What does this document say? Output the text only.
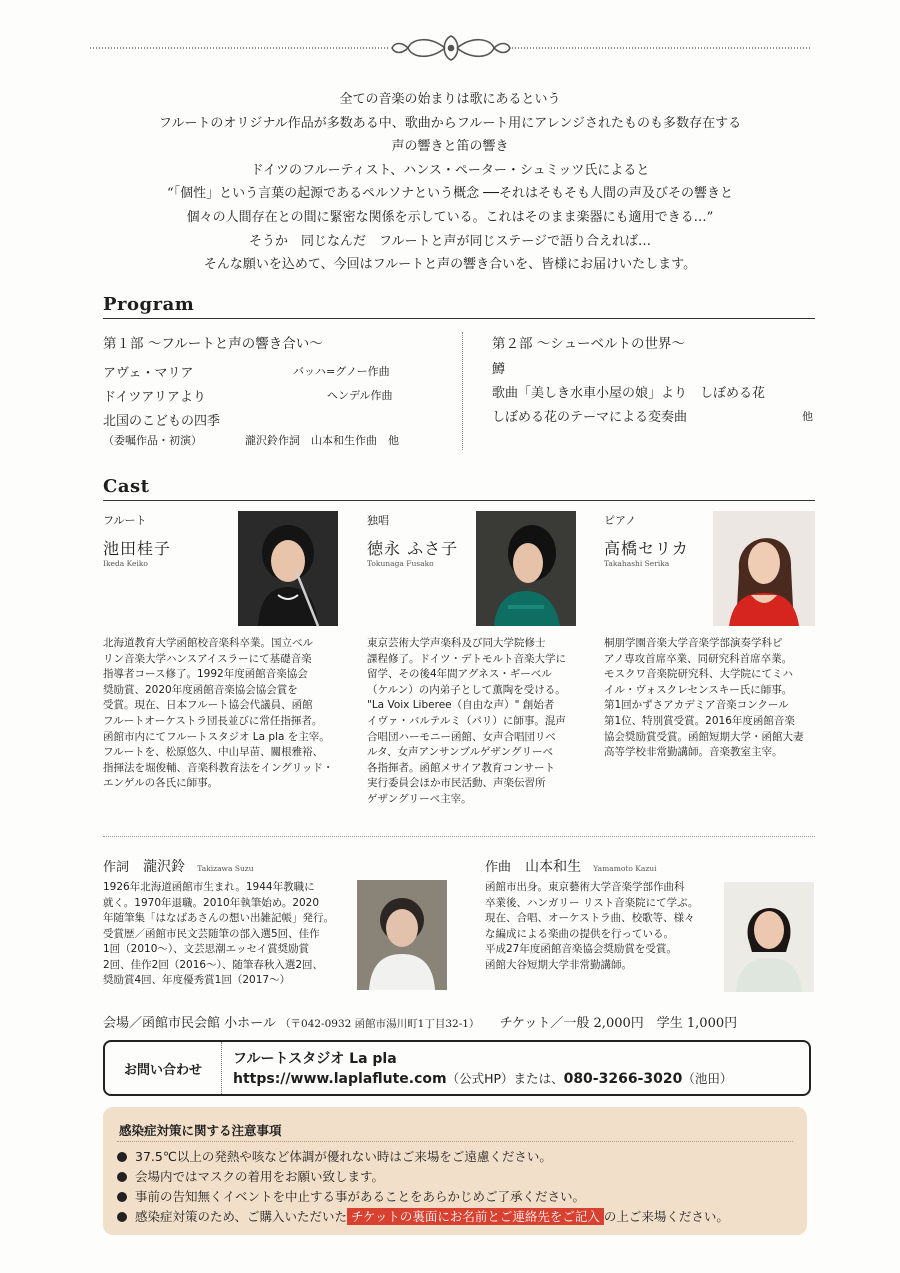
全ての音楽の始まりは歌にあるという
フルートのオリジナル作品が多数ある中、歌曲からフルート用にアレンジされたものも多数存在する
声の響きと笛の響き
ドイツのフルーティスト、ハンス・ペーター・シュミッツ氏によると
“「個性」という言葉の起源であるペルソナという概念 ──それはそもそも人間の声及びその響きと
個々の人間存在との間に緊密な関係を示している。これはそのまま楽器にも適用できる…”
そうか　同じなんだ　フルートと声が同じステージで語り合えれば…
そんな願いを込めて、今回はフルートと声の響き合いを、皆様にお届けいたします。
Program
第１部 ～フルートと声の響き合い～
アヴェ・マリア	バッハ=グノー作曲
ドイツアリアより	ヘンデル作曲
北国のこどもの四季
（委嘱作品・初演）	瀧沢鈴作詞　山本和生作曲　他
第２部 ～シューベルトの世界～
鱒
歌曲「美しき水車小屋の娘」より　しぼめる花
しぼめる花のテーマによる変奏曲	他
Cast
フルート
池田桂子
Ikeda Keiko
北海道教育大学函館校音楽科卒業。国立ベル
リン音楽大学ハンスアイスラーにて基礎音楽
指導者コース修了。1992年度函館音楽協会
奨励賞、2020年度函館音楽協会協会賞を
受賞。現在、日本フルート協会代議員、函館
フルートオーケストラ団長並びに常任指揮者。
函館市内にてフルートスタジオ La pla を主宰。
フルートを、松原悠久、中山早苗、關根雅裕、
指揮法を堀俊輔、音楽科教育法をイングリッド・
エンゲルの各氏に師事。
独唱
徳永 ふさ子
Tokunaga Fusako
東京芸術大学声楽科及び同大学院修士
課程修了。ドイツ・デトモルト音楽大学に
留学、その後4年間アグネス・ギーベル
（ケルン）の内弟子として薫陶を受ける。
"La Voix Liberee（自由な声）" 創始者
イヴァ・バルテルミ（パリ）に師事。混声
合唱団ハーモニー函館、女声合唱団リベ
ルタ、女声アンサンブルゲザングリーベ
各指揮者。函館メサイア教育コンサート
実行委員会ほか市民活動、声楽伝習所
ゲザングリーベ主宰。
ピアノ
高橋セリカ
Takahashi Serika
桐朋学園音楽大学音楽学部演奏学科ピ
アノ専攻首席卒業、同研究科首席卒業。
モスクワ音楽院研究科、大学院にてミハ
イル・ヴォスクレセンスキー氏に師事。
第1回かずさアカデミア音楽コンクール
第1位、特別賞受賞。2016年度函館音楽
協会奨励賞受賞。函館短期大学・函館大妻
高等学校非常勤講師。音楽教室主宰。
作詞 瀧沢鈴 Takizawa Suzu
1926年北海道函館市生まれ。1944年教職に
就く。1970年退職。2010年執筆始め。2020
年随筆集「はなばあさんの想い出雑記帳」発行。
受賞歴／函館市民文芸随筆の部入選5回、佳作
1回（2010～）、文芸思潮エッセイ賞奨励賞
2回、佳作2回（2016～）、随筆春秋入選2回、
奨励賞4回、年度優秀賞1回（2017～）
作曲 山本和生 Yamamoto Kazui
函館市出身。東京藝術大学音楽学部作曲科
卒業後、ハンガリー リスト音楽院にて学ぶ。
現在、合唱、オーケストラ曲、校歌等、様々
な編成による楽曲の提供を行っている。
平成27年度函館音楽協会奨励賞を受賞。
函館大谷短期大学非常勤講師。
会場／函館市民会館 小ホール （〒042-0932 函館市湯川町1丁目32-1） チケット／一般 2,000円　学生 1,000円
お問い合わせ
フルートスタジオ La pla
https://www.laplaflute.com（公式HP）または、080-3266-3020（池田）
感染症対策に関する注意事項
37.5℃以上の発熱や咳など体調が優れない時はご来場をご遠慮ください。
会場内ではマスクの着用をお願い致します。
事前の告知無くイベントを中止する事があることをあらかじめご了承ください。
感染症対策のため、ご購入いただいた チケットの裏面にお名前とご連絡先をご記入 の上ご来場ください。
